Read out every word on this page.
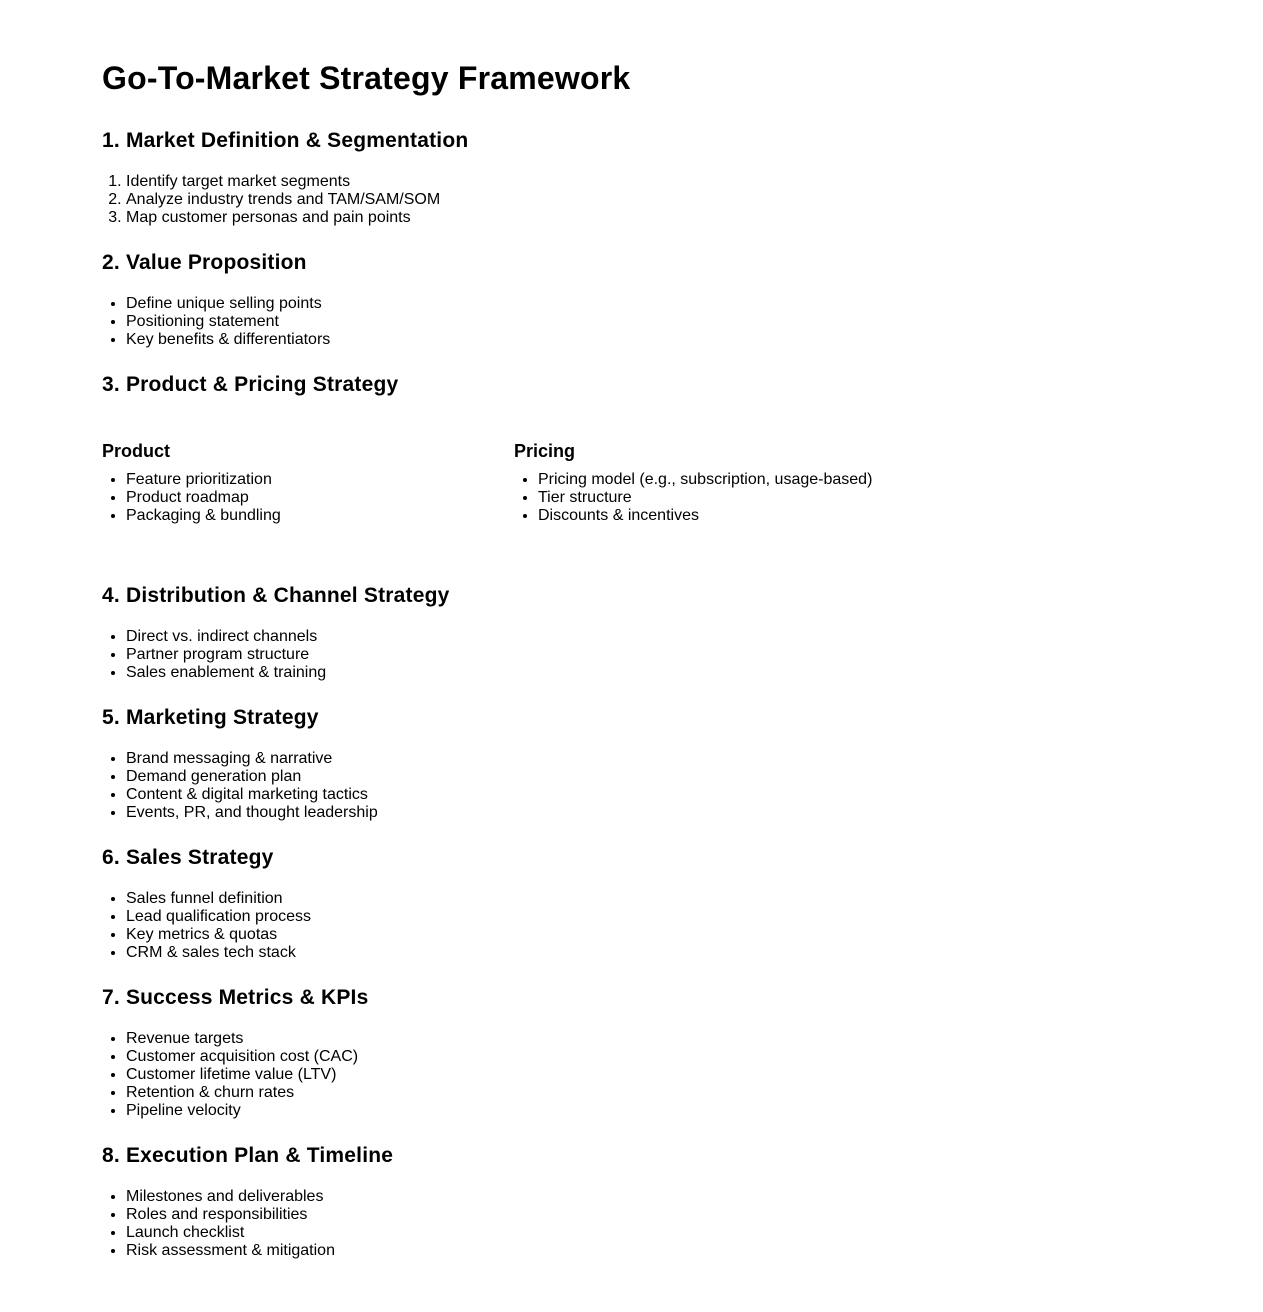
Go-To-Market Strategy Framework
1. Market Definition & Segmentation
1. Identify target market segments
2. Analyze industry trends and TAM/SAM/SOM
3. Map customer personas and pain points
2. Value Proposition
• Define unique selling points
• Positioning statement
• Key benefits & differentiators
3. Product & Pricing Strategy
Product
• Feature prioritization
• Product roadmap
• Packaging & bundling
Pricing
• Pricing model (e.g., subscription, usage-based)
• Tier structure
• Discounts & incentives
4. Distribution & Channel Strategy
• Direct vs. indirect channels
• Partner program structure
• Sales enablement & training
5. Marketing Strategy
• Brand messaging & narrative
• Demand generation plan
• Content & digital marketing tactics
• Events, PR, and thought leadership
6. Sales Strategy
• Sales funnel definition
• Lead qualification process
• Key metrics & quotas
• CRM & sales tech stack
7. Success Metrics & KPIs
• Revenue targets
• Customer acquisition cost (CAC)
• Customer lifetime value (LTV)
• Retention & churn rates
• Pipeline velocity
8. Execution Plan & Timeline
• Milestones and deliverables
• Roles and responsibilities
• Launch checklist
• Risk assessment & mitigation
